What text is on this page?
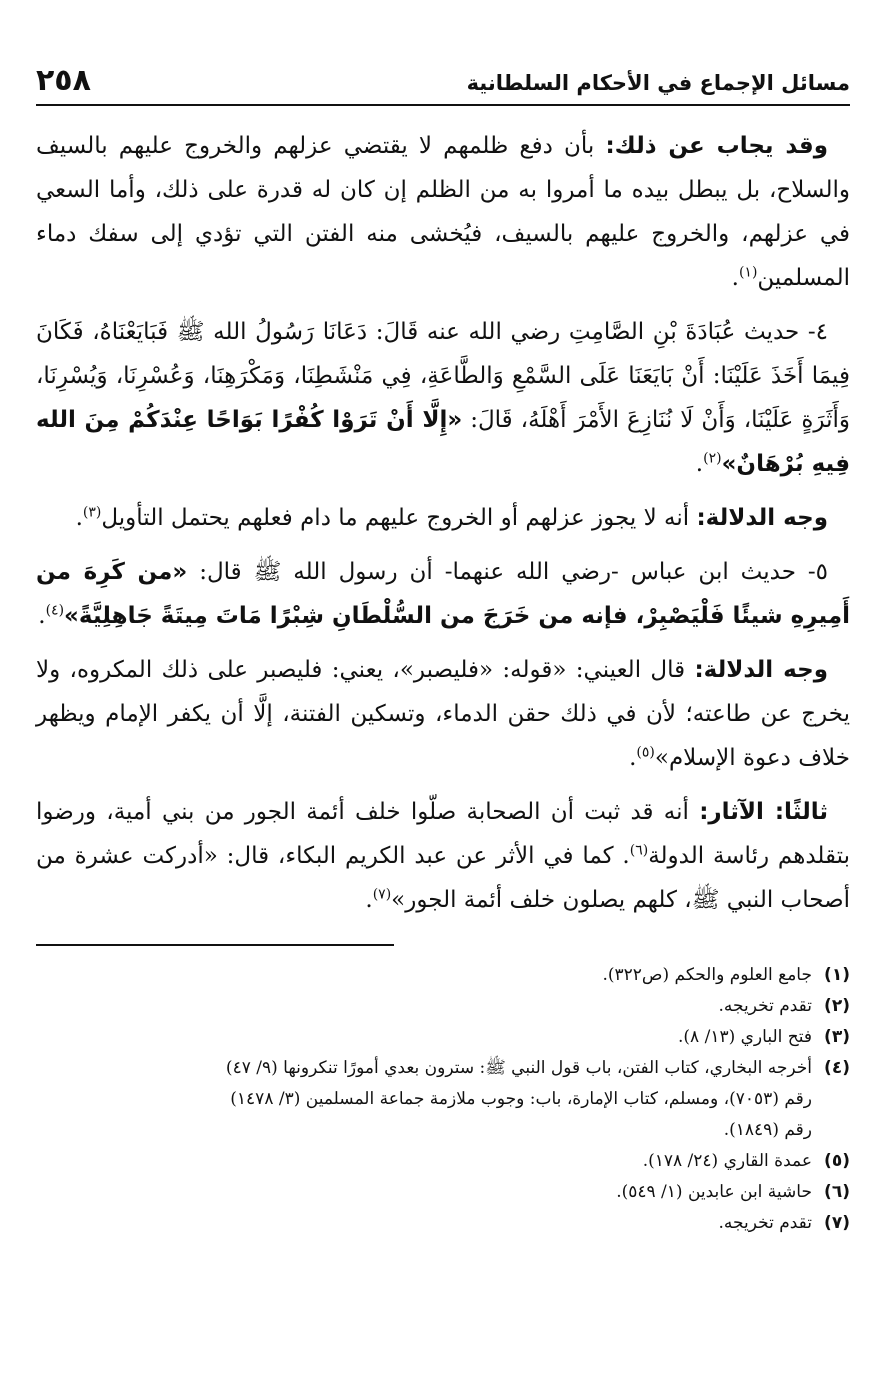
مسائل الإجماع في الأحكام السلطانية
٢٥٨

وقد يجاب عن ذلك: بأن دفع ظلمهم لا يقتضي عزلهم والخروج عليهم بالسيف والسلاح، بل يبطل بيده ما أمروا به من الظلم إن كان له قدرة على ذلك، وأما السعي في عزلهم، والخروج عليهم بالسيف، فيُخشى منه الفتن التي تؤدي إلى سفك دماء المسلمين$^{(١)}$.

٤- حديث عُبَادَةَ بْنِ الصَّامِتِ رضي الله عنه قَالَ: دَعَانَا رَسُولُ الله ﷺ فَبَايَعْنَاهُ، فَكَانَ فِيمَا أَخَذَ عَلَيْنَا: أَنْ بَايَعَنَا عَلَى السَّمْعِ وَالطَّاعَةِ، فِي مَنْشَطِنَا، وَمَكْرَهِنَا، وَعُسْرِنَا، وَيُسْرِنَا، وَأَثَرَةٍ عَلَيْنَا، وَأَنْ لَا نُنَازِعَ الأَمْرَ أَهْلَهُ، قَالَ: «إِلَّا أَنْ تَرَوْا كُفْرًا بَوَاحًا عِنْدَكُمْ مِنَ الله فِيهِ بُرْهَانٌ»$^{(٢)}$.

وجه الدلالة: أنه لا يجوز عزلهم أو الخروج عليهم ما دام فعلهم يحتمل التأويل$^{(٣)}$.

٥- حديث ابن عباس -رضي الله عنهما- أن رسول الله ﷺ قال: «من كَرِهَ من أَمِيرِهِ شيئًا فَلْيَصْبِرْ، فإنه من خَرَجَ من السُّلْطَانِ شِبْرًا مَاتَ مِيتَةً جَاهِلِيَّةً»$^{(٤)}$.

وجه الدلالة: قال العيني: «قوله: «فليصبر»، يعني: فليصبر على ذلك المكروه، ولا يخرج عن طاعته؛ لأن في ذلك حقن الدماء، وتسكين الفتنة، إلَّا أن يكفر الإمام ويظهر خلاف دعوة الإسلام»$^{(٥)}$.

ثالثًا: الآثار: أنه قد ثبت أن الصحابة صلّوا خلف أئمة الجور من بني أمية، ورضوا بتقلدهم رئاسة الدولة$^{(٦)}$. كما في الأثر عن عبد الكريم البكاء، قال: «أدركت عشرة من أصحاب النبي ﷺ، كلهم يصلون خلف أئمة الجور»$^{(٧)}$.

(١)
جامع العلوم والحكم (ص٣٢٢).
(٢)
تقدم تخريجه.
(٣)
فتح الباري (١٣/ ٨).
(٤)
أخرجه البخاري، كتاب الفتن، باب قول النبي ﷺ: سترون بعدي أمورًا تنكرونها (٩/ ٤٧)
رقم (٧٠٥٣)، ومسلم، كتاب الإمارة، باب: وجوب ملازمة جماعة المسلمين (٣/ ١٤٧٨)
رقم (١٨٤٩).
(٥)
عمدة القاري (٢٤/ ١٧٨).
(٦)
حاشية ابن عابدين (١/ ٥٤٩).
(٧)
تقدم تخريجه.
